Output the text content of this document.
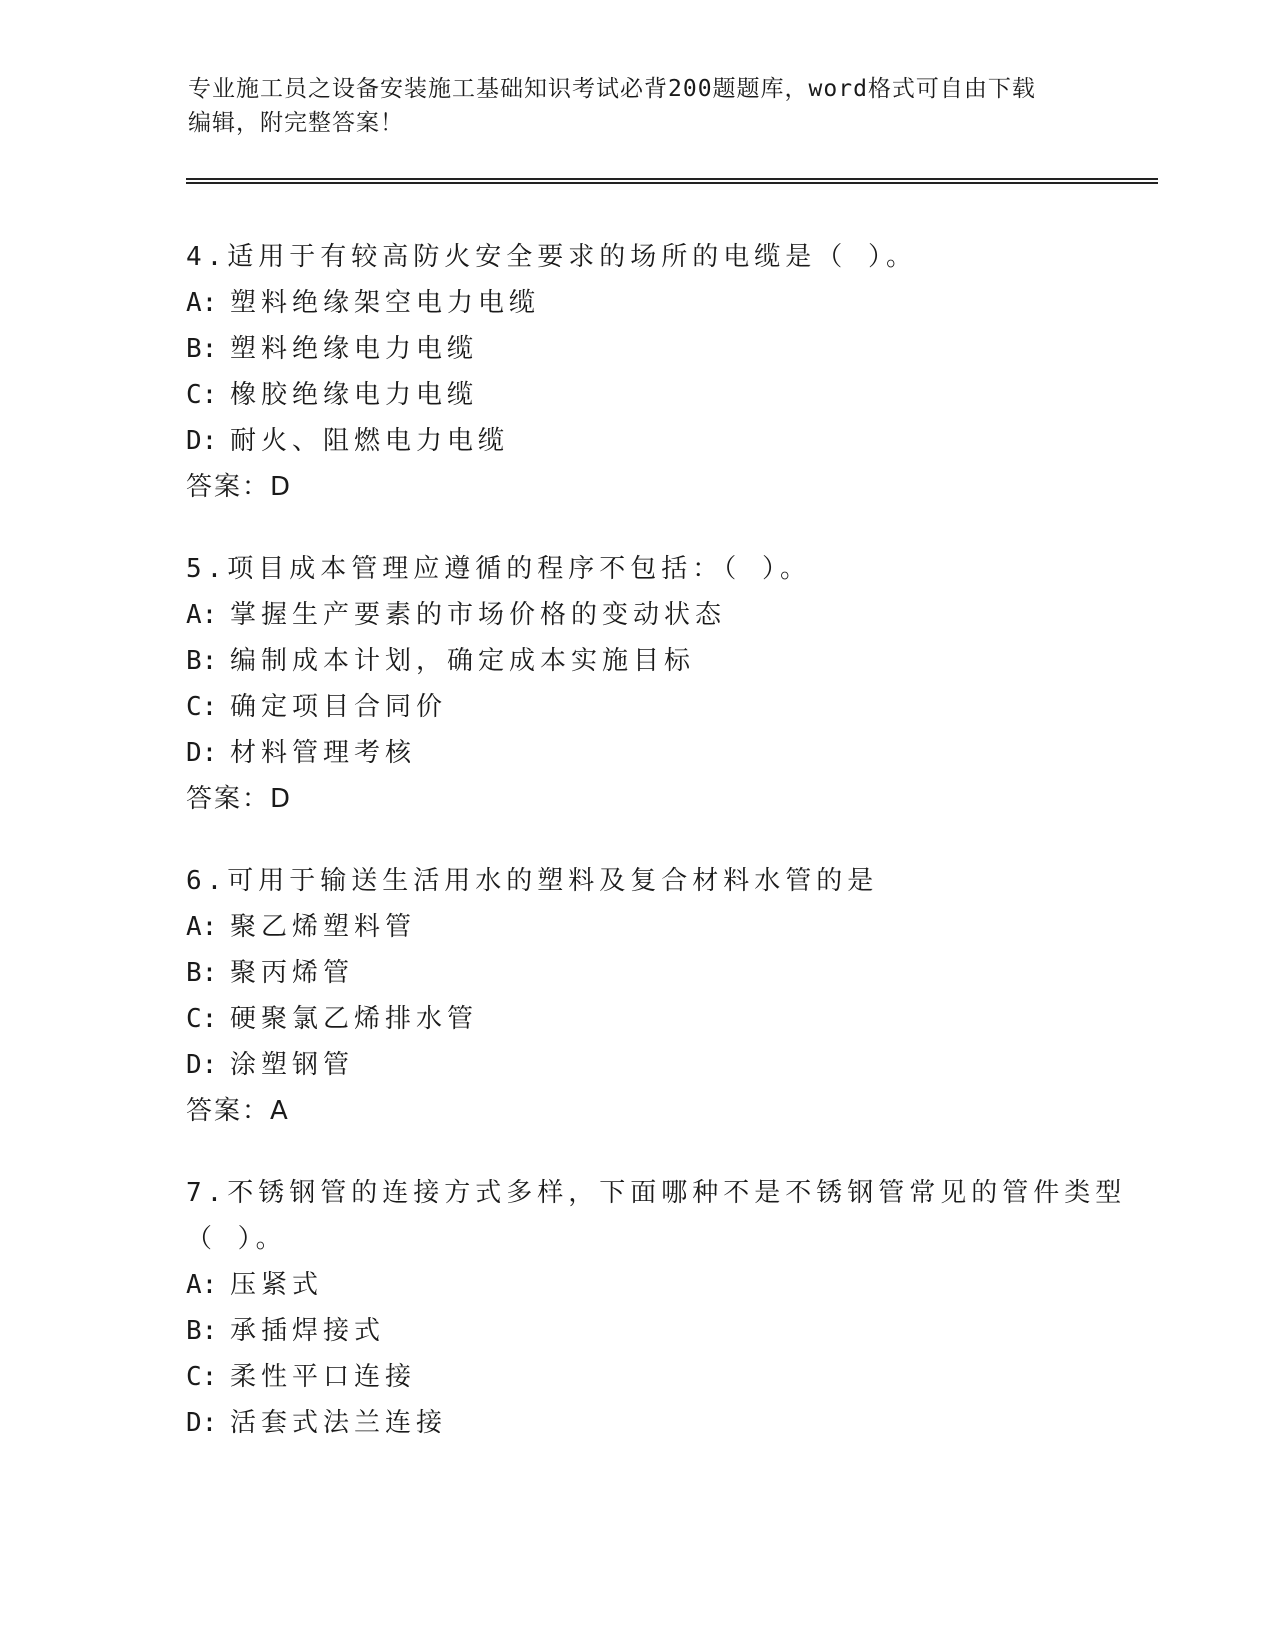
专业施工员之设备安装施工基础知识考试必背200题题库，word格式可自由下载
编辑，附完整答案！
4.适用于有较高防火安全要求的场所的电缆是（ ）。
A: 塑料绝缘架空电力电缆
B: 塑料绝缘电力电缆
C: 橡胶绝缘电力电缆
D: 耐火、阻燃电力电缆
答案：D
5.项目成本管理应遵循的程序不包括：（ ）。
A: 掌握生产要素的市场价格的变动状态
B: 编制成本计划，确定成本实施目标
C: 确定项目合同价
D: 材料管理考核
答案：D
6.可用于输送生活用水的塑料及复合材料水管的是
A: 聚乙烯塑料管
B: 聚丙烯管
C: 硬聚氯乙烯排水管
D: 涂塑钢管
答案：A
7.不锈钢管的连接方式多样，下面哪种不是不锈钢管常见的管件类型
（ ）。
A: 压紧式
B: 承插焊接式
C: 柔性平口连接
D: 活套式法兰连接
